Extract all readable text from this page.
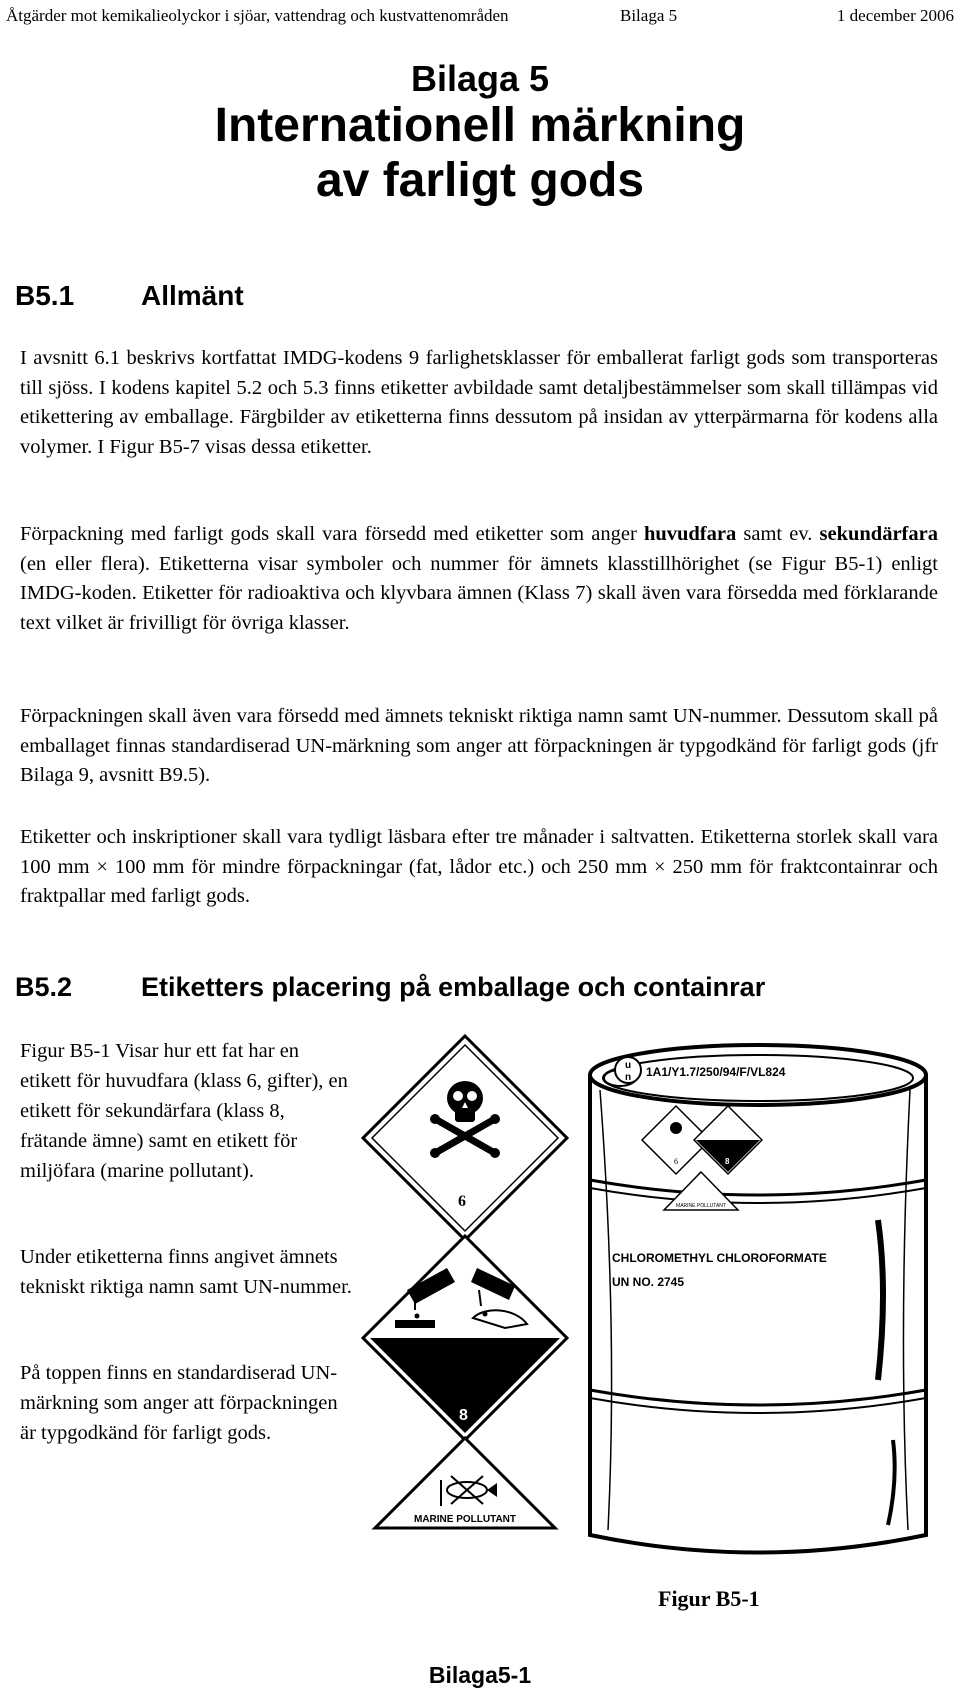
Åtgärder mot kemikalieolyckor i sjöar, vattendrag och kustvattenområden	Bilaga 5	1 december 2006
Bilaga 5
Internationell märkning
av farligt gods
B5.1 Allmänt

I avsnitt 6.1 beskrivs kortfattat IMDG-kodens 9 farlighetsklasser för emballerat farligt gods som transporteras till sjöss. I kodens kapitel 5.2 och 5.3 finns etiketter avbildade samt detaljbestämmelser som skall tillämpas vid etikettering av emballage. Färgbilder av etiketterna finns dessutom på insidan av ytterpärmarna för kodens alla volymer. I Figur B5-7 visas dessa etiketter.

Förpackning med farligt gods skall vara försedd med etiketter som anger huvudfara samt ev. sekundärfara (en eller flera). Etiketterna visar symboler och nummer för ämnets klasstillhörighet (se Figur B5-1) enligt IMDG-koden. Etiketter för radioaktiva och klyvbara ämnen (Klass 7) skall även vara försedda med förklarande text vilket är frivilligt för övriga klasser.

Förpackningen skall även vara försedd med ämnets tekniskt riktiga namn samt UN-nummer. Dessutom skall på emballaget finnas standardiserad UN-märkning som anger att förpackningen är typgodkänd för farligt gods (jfr Bilaga 9, avsnitt B9.5).

Etiketter och inskriptioner skall vara tydligt läsbara efter tre månader i saltvatten. Etiketterna storlek skall vara 100 mm × 100 mm för mindre förpackningar (fat, lådor etc.) och 250 mm × 250 mm för fraktcontainrar och fraktpallar med farligt gods.

B5.2	Etiketters placering på emballage och containrar

Figur B5-1 Visar hur ett fat har en etikett för huvudfara (klass 6, gifter), en etikett för sekundärfara (klass 8, frätande ämne) samt en etikett för miljöfara (marine pollutant).

Under etiketterna finns angivet ämnets tekniskt riktiga namn samt UN-nummer.

På toppen finns en standardiserad UN-märkning som anger att förpackningen är typgodkänd för farligt gods.

6
8
MARINE POLLUTANT
u
n 1A1/Y1.7/250/94/F/VL824
6	8
MARINE POLLUTANT
CHLOROMETHYL CHLOROFORMATE
UN NO. 2745
Figur B5-1
Bilaga5-1
